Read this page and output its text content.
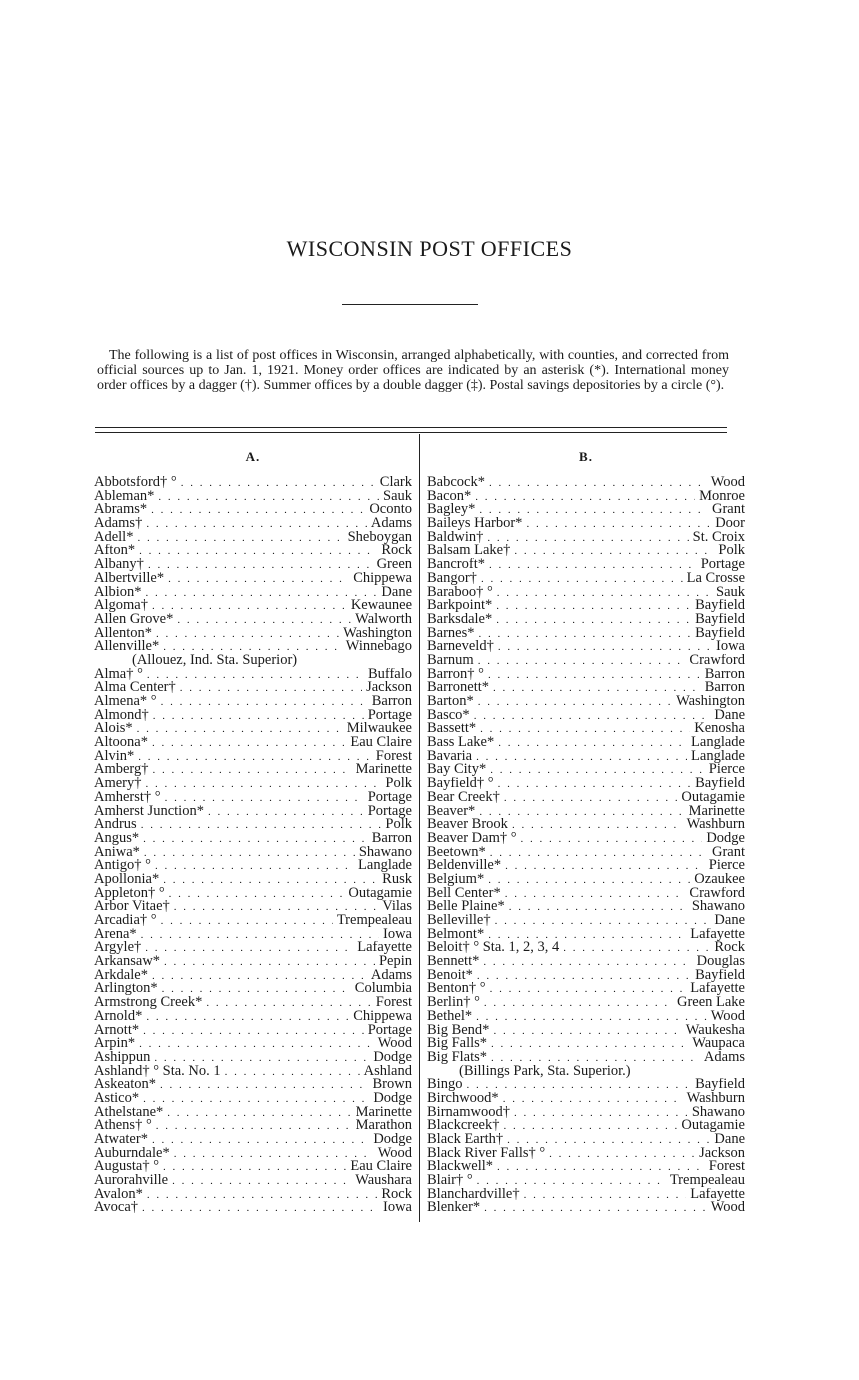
WISCONSIN POST OFFICES

The following is a list of post offices in Wisconsin, arranged alphabetically, with counties, and corrected from official sources up to Jan. 1, 1921. Money order offices are indicated by an asterisk (*). International money order offices by a dagger (†). Summer offices by a double dagger (‡). Postal savings depositories by a circle (°).

A.
Abbotsford† ° . . .	Clark
Ableman* . . .	Sauk
Abrams* . . .	Oconto
Adams† . . .	Adams
Adell* . . .	Sheboygan
Afton* . . .	Rock
Albany† . . .	Green
Albertville* . . .	Chippewa
Albion* . . .	Dane
Algoma† . . .	Kewaunee
Allen Grove* . . .	Walworth
Allenton* . . .	Washington
Allenville* . . .	Winnebago
(Allouez, Ind. Sta. Superior)
Alma† ° . . .	Buffalo
Alma Center† . . .	Jackson
Almena* ° . . .	Barron
Almond† . . .	Portage
Alois* . . .	Milwaukee
Altoona* . . .	Eau Claire
Alvin* . . .	Forest
Amberg† . . .	Marinette
Amery† . . .	Polk
Amherst† ° . . .	Portage
Amherst Junction* . . .	Portage
Andrus . . .	Polk
Angus* . . .	Barron
Aniwa* . . .	Shawano
Antigo† ° . . .	Langlade
Apollonia* . . .	Rusk
Appleton† ° . . .	Outagamie
Arbor Vitae† . . .	Vilas
Arcadia† ° . . .	Trempealeau
Arena* . . .	Iowa
Argyle† . . .	Lafayette
Arkansaw* . . .	Pepin
Arkdale* . . .	Adams
Arlington* . . .	Columbia
Armstrong Creek* . . .	Forest
Arnold* . . .	Chippewa
Arnott* . . .	Portage
Arpin* . . .	Wood
Ashippun . . .	Dodge
Ashland† ° Sta. No. 1 . . .	Ashland
Askeaton* . . .	Brown
Astico* . . .	Dodge
Athelstane* . . .	Marinette
Athens† ° . . .	Marathon
Atwater* . . .	Dodge
Auburndale* . . .	Wood
Augusta† ° . . .	Eau Claire
Aurorahville . . .	Waushara
Avalon* . . .	Rock
Avoca† . . .	Iowa
B.
Babcock* . . .	Wood
Bacon* . . .	Monroe
Bagley* . . .	Grant
Baileys Harbor* . . .	Door
Baldwin† . . .	St. Croix
Balsam Lake† . . .	Polk
Bancroft* . . .	Portage
Bangor† . . .	La Crosse
Baraboo† ° . . .	Sauk
Barkpoint* . . .	Bayfield
Barksdale* . . .	Bayfield
Barnes* . . .	Bayfield
Barneveld† . . .	Iowa
Barnum . . .	Crawford
Barron† ° . . .	Barron
Barronett* . . .	Barron
Barton* . . .	Washington
Basco* . . .	Dane
Bassett* . . .	Kenosha
Bass Lake* . . .	Langlade
Bavaria . . .	Langlade
Bay City* . . .	Pierce
Bayfield† ° . . .	Bayfield
Bear Creek† . . .	Outagamie
Beaver* . . .	Marinette
Beaver Brook . . .	Washburn
Beaver Dam† ° . . .	Dodge
Beetown* . . .	Grant
Beldenville* . . .	Pierce
Belgium* . . .	Ozaukee
Bell Center* . . .	Crawford
Belle Plaine* . . .	Shawano
Belleville† . . .	Dane
Belmont* . . .	Lafayette
Beloit† ° Sta. 1, 2, 3, 4 . . .	Rock
Bennett* . . .	Douglas
Benoit* . . .	Bayfield
Benton† ° . . .	Lafayette
Berlin† ° . . .	Green Lake
Bethel* . . .	Wood
Big Bend* . . .	Waukesha
Big Falls* . . .	Waupaca
Big Flats* . . .	Adams
(Billings Park, Sta. Superior.)
Bingo . . .	Bayfield
Birchwood* . . .	Washburn
Birnamwood† . . .	Shawano
Blackcreek† . . .	Outagamie
Black Earth† . . .	Dane
Black River Falls† ° . . .	Jackson
Blackwell* . . .	Forest
Blair† ° . . .	Trempealeau
Blanchardville† . . .	Lafayette
Blenker* . . .	Wood
